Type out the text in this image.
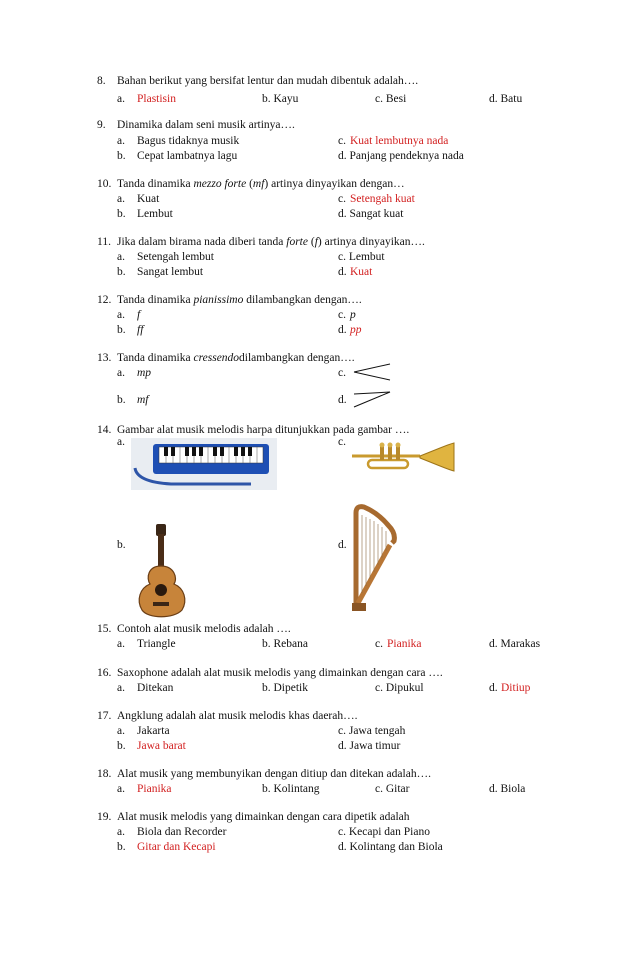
8. Bahan berikut yang bersifat lentur dan mudah dibentuk adalah….
a. Plastisin	b. Kayu	c. Besi	d. Batu
9. Dinamika dalam seni musik artinya….
a. Bagus tidaknya musik	c. Kuat lembutnya nada
b. Cepat lambatnya lagu	d. Panjang pendeknya nada
10. Tanda dinamika mezzo forte (mf) artinya dinyayikan dengan…
a. Kuat	c. Setengah kuat
b. Lembut	d. Sangat kuat
11. Jika dalam birama nada diberi tanda forte (f) artinya dinyayikan….
a. Setengah lembut	c. Lembut
b. Sangat lembut	d. Kuat
12. Tanda dinamika pianissimo dilambangkan dengan….
a. f	c. p
b. ff	d. pp
13. Tanda dinamika cressendodilambangkan dengan….
a. mp	c.
b. mf	d.
14. Gambar alat musik melodis harpa ditunjukkan pada gambar ….
a.	c.
b.	d.
15. Contoh alat musik melodis adalah ….
a. Triangle	b. Rebana	c. Pianika	d. Marakas
16. Saxophone adalah alat musik melodis yang dimainkan dengan cara ….
a. Ditekan	b. Dipetik	c. Dipukul	d. Ditiup
17. Angklung adalah alat musik melodis khas daerah….
a. Jakarta	c. Jawa tengah
b. Jawa barat	d. Jawa timur
18. Alat musik yang membunyikan dengan ditiup dan ditekan adalah….
a. Pianika	b. Kolintang	c. Gitar	d. Biola
19. Alat musik melodis yang dimainkan dengan cara dipetik adalah
a. Biola dan Recorder	c. Kecapi dan Piano
b. Gitar dan Kecapi	d. Kolintang dan Biola
